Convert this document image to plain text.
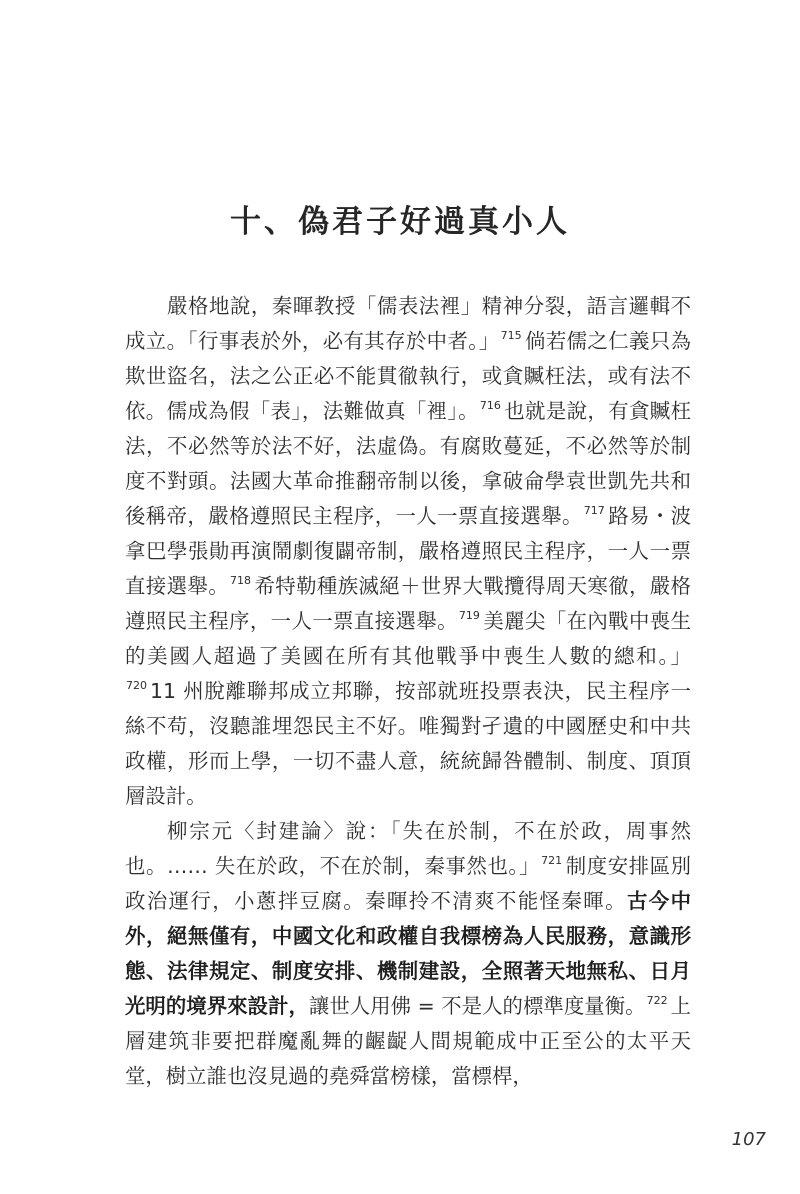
十、偽君子好過真小人

嚴格地說，秦暉教授「儒表法裡」精神分裂，語言邏輯不成立。「行事表於外，必有其存於中者。」$^{715}$ 倘若儒之仁義只為欺世盜名，法之公正必不能貫徹執行，或貪贓枉法，或有法不依。儒成為假「表」，法難做真「裡」。$^{716}$ 也就是說，有貪贓枉法，不必然等於法不好，法虛偽。有腐敗蔓延，不必然等於制度不對頭。法國大革命推翻帝制以後，拿破侖學袁世凱先共和後稱帝，嚴格遵照民主程序，一人一票直接選舉。$^{717}$ 路易・波拿巴學張勛再演鬧劇復闢帝制，嚴格遵照民主程序，一人一票直接選舉。$^{718}$ 希特勒種族滅絕＋世界大戰攬得周天寒徹，嚴格遵照民主程序，一人一票直接選舉。$^{719}$ 美麗尖「在內戰中喪生的美國人超過了美國在所有其他戰爭中喪生人數的總和。」$^{720}$ 11 州脫離聯邦成立邦聯，按部就班投票表決，民主程序一絲不苟，沒聽誰埋怨民主不好。唯獨對孑遺的中國歷史和中共政權，形而上學，一切不盡人意，統統歸咎體制、制度、頂頂層設計。

柳宗元〈封建論〉說：「失在於制，不在於政，周事然也。…… 失在於政，不在於制，秦事然也。」$^{721}$ 制度安排區別政治運行，小蔥拌豆腐。秦暉拎不清爽不能怪秦暉。古今中外，絕無僅有，中國文化和政權自我標榜為人民服務，意識形態、法律規定、制度安排、機制建設，全照著天地無私、日月光明的境界來設計，讓世人用佛 = 不是人的標準度量衡。$^{722}$ 上層建筑非要把群魔亂舞的齷齪人間規範成中正至公的太平天堂，樹立誰也沒見過的堯舜當榜樣，當標桿，

107
